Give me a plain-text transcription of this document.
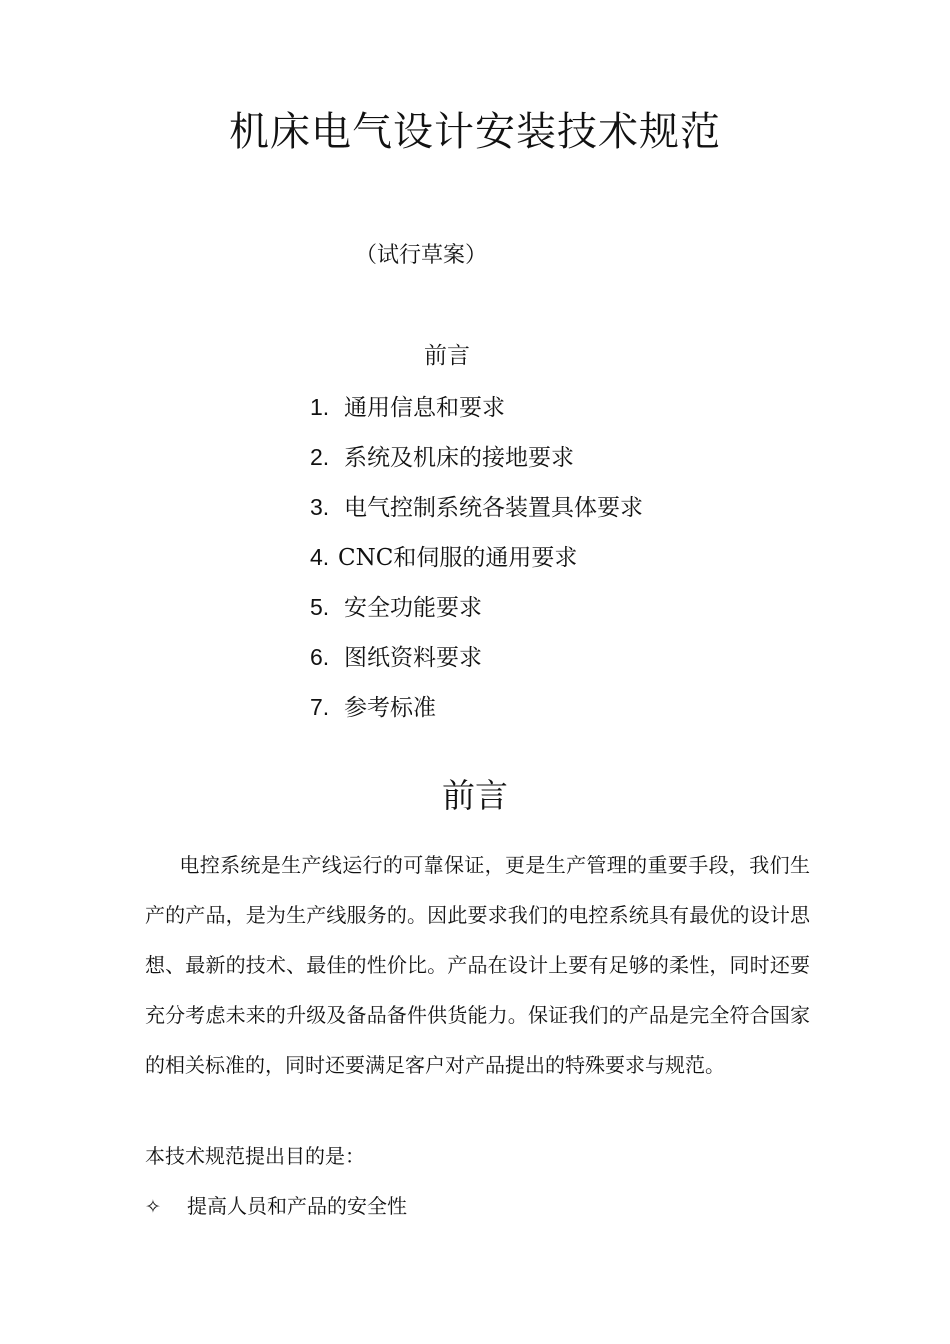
机床电气设计安装技术规范
（试行草案）
前言
1. 通用信息和要求
2. 系统及机床的接地要求
3. 电气控制系统各装置具体要求
4. CNC和伺服的通用要求
5. 安全功能要求
6. 图纸资料要求
7. 参考标准
前言

电控系统是生产线运行的可靠保证，更是生产管理的重要手段，我们生产的产品，是为生产线服务的。因此要求我们的电控系统具有最优的设计思想、最新的技术、最佳的性价比。产品在设计上要有足够的柔性，同时还要充分考虑未来的升级及备品备件供货能力。保证我们的产品是完全符合国家的相关标准的，同时还要满足客户对产品提出的特殊要求与规范。

本技术规范提出目的是：
✧ 提高人员和产品的安全性
